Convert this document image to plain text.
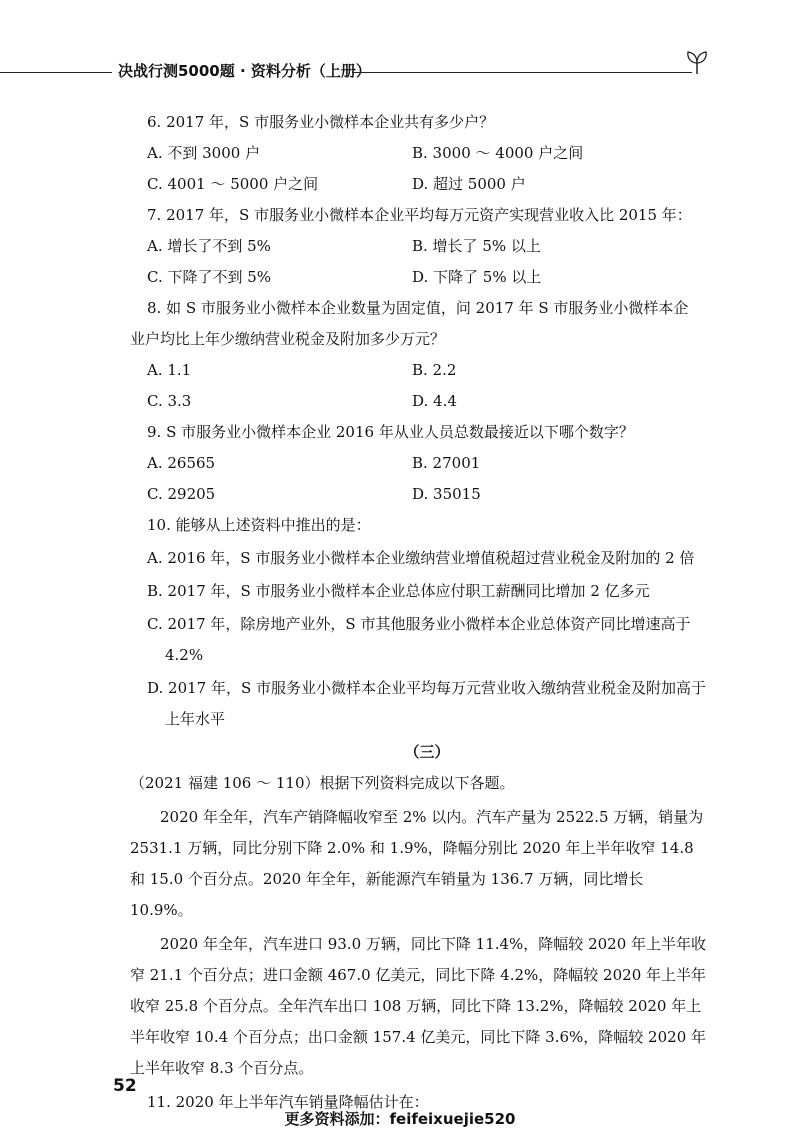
决战行测5000题 · 资料分析（上册）
6. 2017 年，S 市服务业小微样本企业共有多少户？
A. 不到 3000 户	B. 3000 ～ 4000 户之间
C. 4001 ～ 5000 户之间	D. 超过 5000 户
7. 2017 年，S 市服务业小微样本企业平均每万元资产实现营业收入比 2015 年：
A. 增长了不到 5%	B. 增长了 5% 以上
C. 下降了不到 5%	D. 下降了 5% 以上
8. 如 S 市服务业小微样本企业数量为固定值，问 2017 年 S 市服务业小微样本企
业户均比上年少缴纳营业税金及附加多少万元？
A. 1.1	B. 2.2
C. 3.3	D. 4.4
9. S 市服务业小微样本企业 2016 年从业人员总数最接近以下哪个数字？
A. 26565	B. 27001
C. 29205	D. 35015
10. 能够从上述资料中推出的是：
A. 2016 年，S 市服务业小微样本企业缴纳营业增值税超过营业税金及附加的 2 倍
B. 2017 年，S 市服务业小微样本企业总体应付职工薪酬同比增加 2 亿多元
C. 2017 年，除房地产业外，S 市其他服务业小微样本企业总体资产同比增速高于 4.2%
D. 2017 年，S 市服务业小微样本企业平均每万元营业收入缴纳营业税金及附加高于上年水平
（三）
（2021 福建 106 ～ 110）根据下列资料完成以下各题。

2020 年全年，汽车产销降幅收窄至 2% 以内。汽车产量为 2522.5 万辆，销量为 2531.1 万辆，同比分别下降 2.0% 和 1.9%，降幅分别比 2020 年上半年收窄 14.8 和 15.0 个百分点。2020 年全年，新能源汽车销量为 136.7 万辆，同比增长 10.9%。

2020 年全年，汽车进口 93.0 万辆，同比下降 11.4%，降幅较 2020 年上半年收窄 21.1 个百分点；进口金额 467.0 亿美元，同比下降 4.2%，降幅较 2020 年上半年收窄 25.8 个百分点。全年汽车出口 108 万辆，同比下降 13.2%，降幅较 2020 年上半年收窄 10.4 个百分点；出口金额 157.4 亿美元，同比下降 3.6%，降幅较 2020 年上半年收窄 8.3 个百分点。

11. 2020 年上半年汽车销量降幅估计在：
52
更多资料添加：feifeixuejie520
